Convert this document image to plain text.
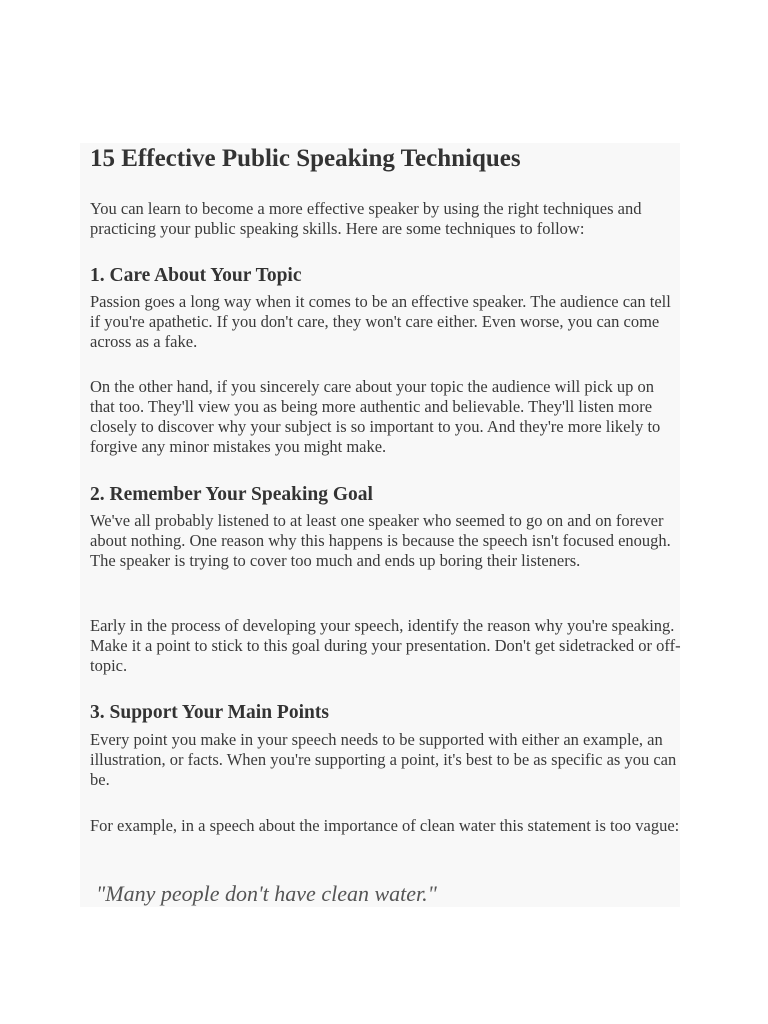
15 Effective Public Speaking Techniques

You can learn to become a more effective speaker by using the right techniques and practicing your public speaking skills. Here are some techniques to follow:

1. Care About Your Topic

Passion goes a long way when it comes to be an effective speaker. The audience can tell if you're apathetic. If you don't care, they won't care either. Even worse, you can come across as a fake.

On the other hand, if you sincerely care about your topic the audience will pick up on that too. They'll view you as being more authentic and believable. They'll listen more closely to discover why your subject is so important to you. And they're more likely to forgive any minor mistakes you might make.

2. Remember Your Speaking Goal

We've all probably listened to at least one speaker who seemed to go on and on forever about nothing. One reason why this happens is because the speech isn't focused enough. The speaker is trying to cover too much and ends up boring their listeners.

Early in the process of developing your speech, identify the reason why you're speaking. Make it a point to stick to this goal during your presentation. Don't get sidetracked or off-topic.

3. Support Your Main Points

Every point you make in your speech needs to be supported with either an example, an illustration, or facts. When you're supporting a point, it's best to be as specific as you can be.

For example, in a speech about the importance of clean water this statement is too vague:

"Many people don't have clean water."
